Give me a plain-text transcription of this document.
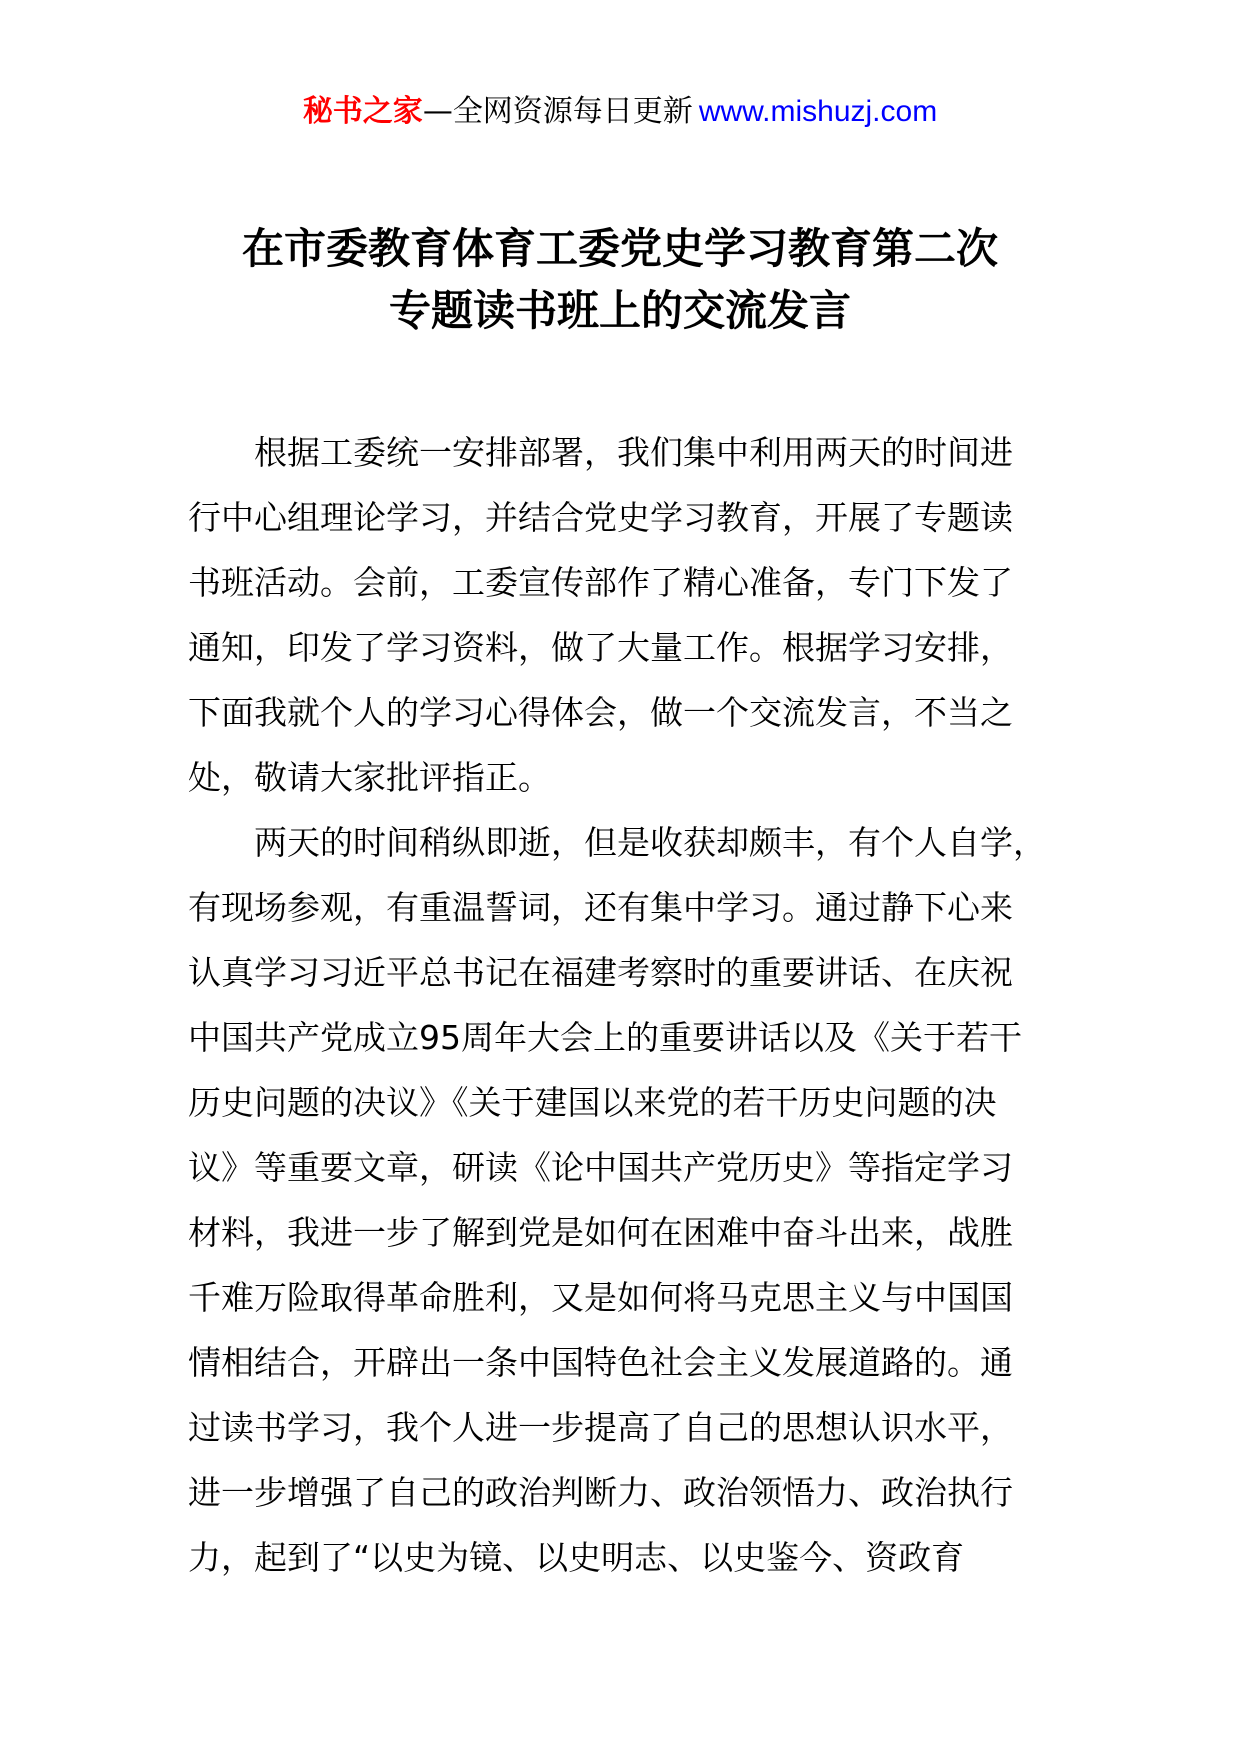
秘书之家—全网资源每日更新 www.mishuzj.com
在市委教育体育工委党史学习教育第二次
专题读书班上的交流发言

　　根据工委统一安排部署，我们集中利用两天的时间进
行中心组理论学习，并结合党史学习教育，开展了专题读
书班活动。会前，工委宣传部作了精心准备，专门下发了
通知，印发了学习资料，做了大量工作。根据学习安排，
下面我就个人的学习心得体会，做一个交流发言，不当之
处，敬请大家批评指正。

　　两天的时间稍纵即逝，但是收获却颇丰，有个人自学，
有现场参观，有重温誓词，还有集中学习。通过静下心来
认真学习习近平总书记在福建考察时的重要讲话、在庆祝
中国共产党成立95周年大会上的重要讲话以及《关于若干
历史问题的决议》《关于建国以来党的若干历史问题的决
议》等重要文章，研读《论中国共产党历史》等指定学习
材料，我进一步了解到党是如何在困难中奋斗出来，战胜
千难万险取得革命胜利，又是如何将马克思主义与中国国
情相结合，开辟出一条中国特色社会主义发展道路的。通
过读书学习，我个人进一步提高了自己的思想认识水平，
进一步增强了自己的政治判断力、政治领悟力、政治执行
力，起到了“以史为镜、以史明志、以史鉴今、资政育
